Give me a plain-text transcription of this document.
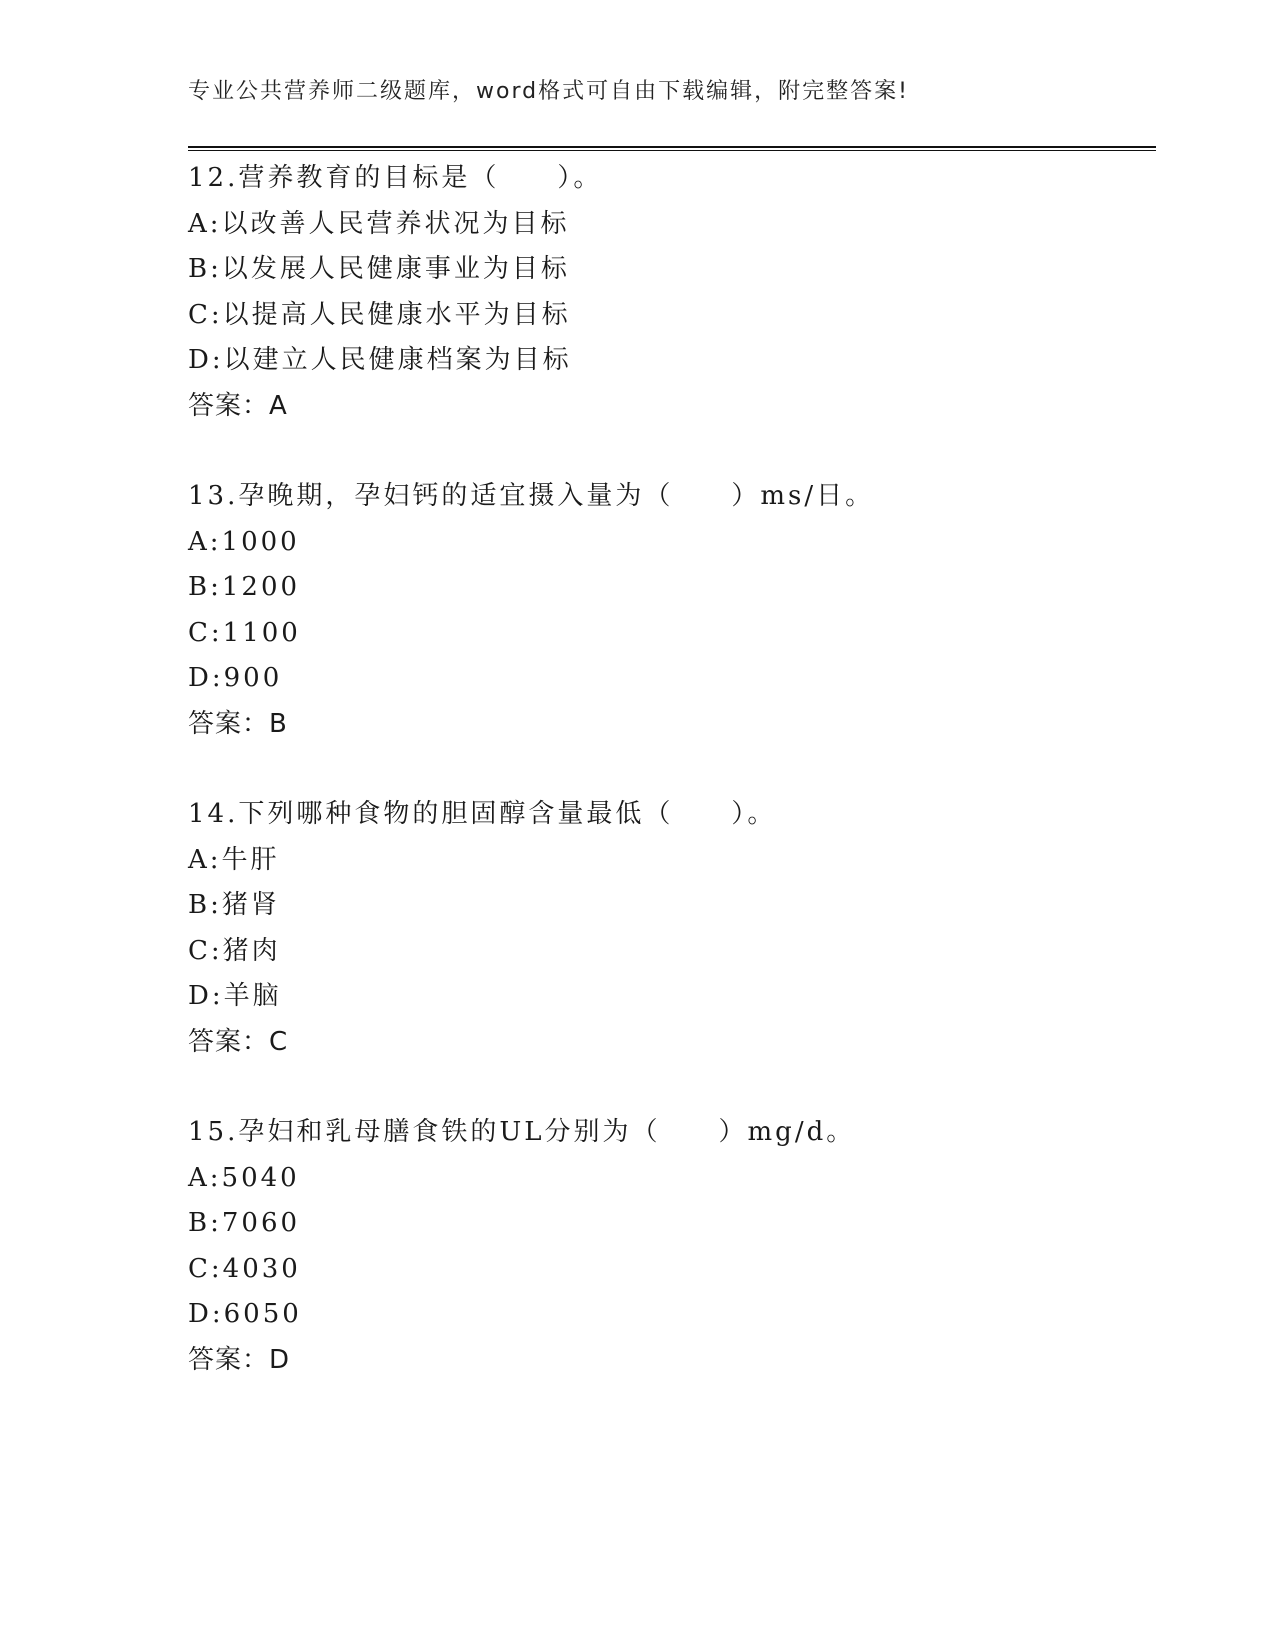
专业公共营养师二级题库，word格式可自由下载编辑，附完整答案!
12.营养教育的目标是（　　）。
A:以改善人民营养状况为目标
B:以发展人民健康事业为目标
C:以提高人民健康水平为目标
D:以建立人民健康档案为目标
答案：A
13.孕晚期，孕妇钙的适宜摄入量为（　　）ms/日。
A:1000
B:1200
C:1100
D:900
答案：B
14.下列哪种食物的胆固醇含量最低（　　）。
A:牛肝
B:猪肾
C:猪肉
D:羊脑
答案：C
15.孕妇和乳母膳食铁的UL分别为（　　）mg/d。
A:5040
B:7060
C:4030
D:6050
答案：D
